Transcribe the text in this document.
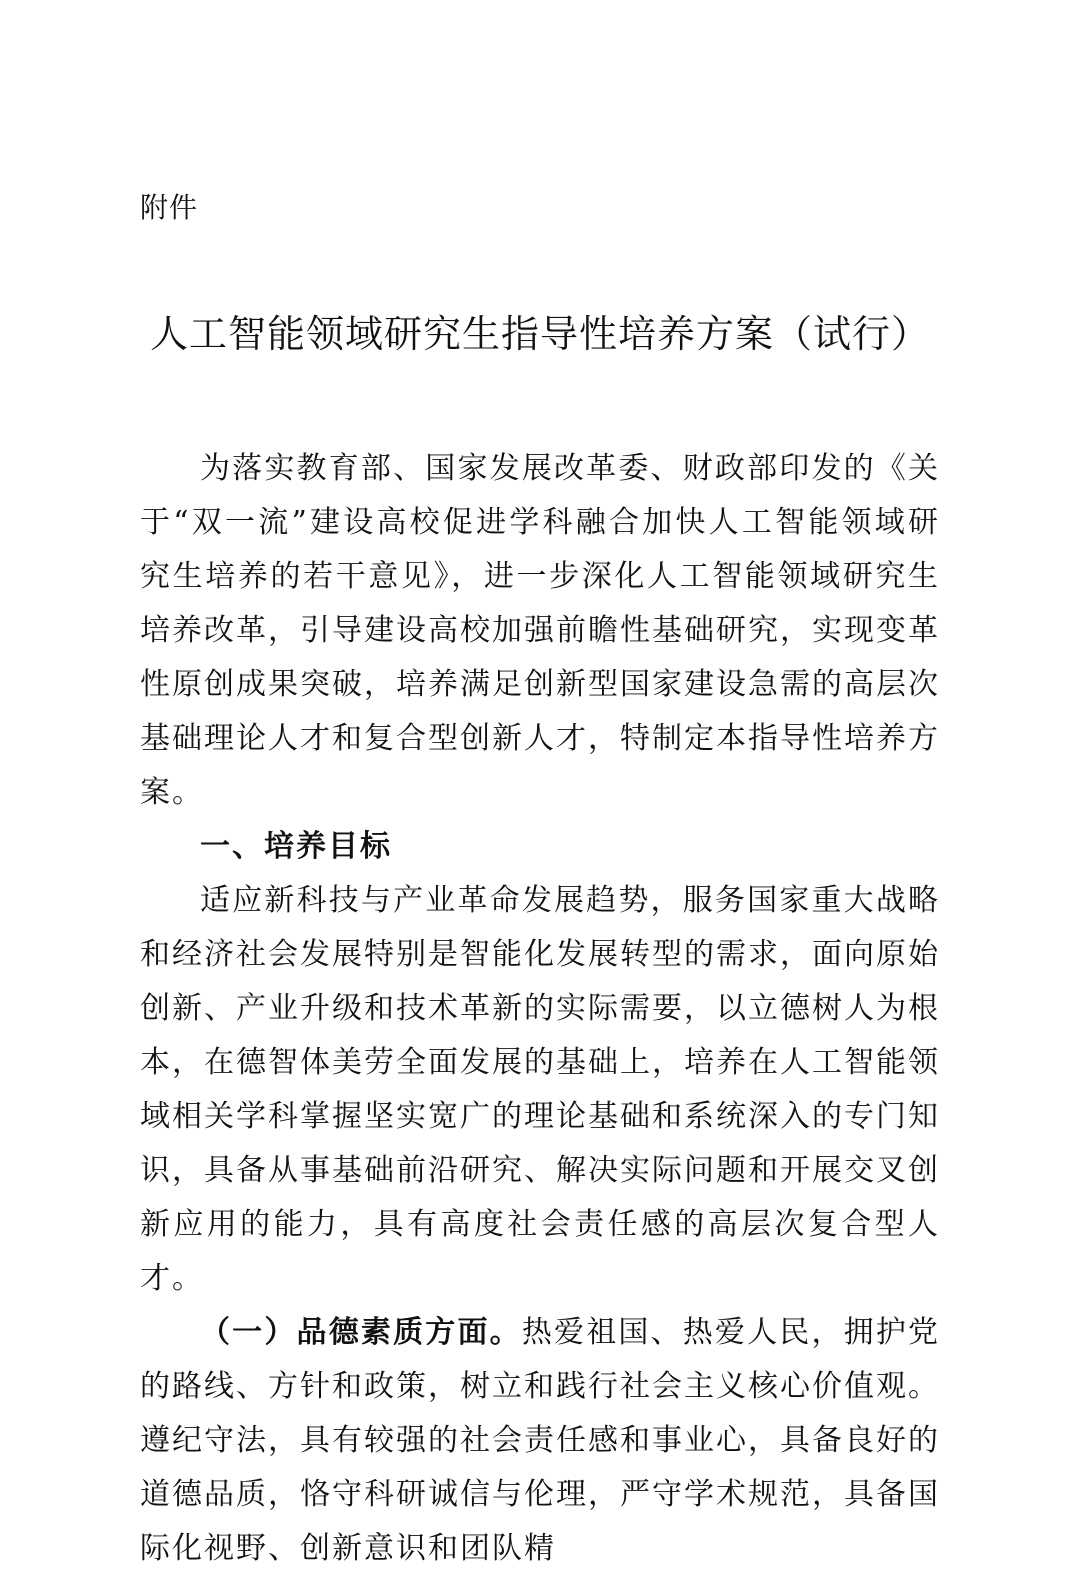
附件
人工智能领域研究生指导性培养方案（试行）

为落实教育部、国家发展改革委、财政部印发的《关于“双一流”建设高校促进学科融合加快人工智能领域研究生培养的若干意见》，进一步深化人工智能领域研究生培养改革，引导建设高校加强前瞻性基础研究，实现变革性原创成果突破，培养满足创新型国家建设急需的高层次基础理论人才和复合型创新人才，特制定本指导性培养方案。

一、培养目标

适应新科技与产业革命发展趋势，服务国家重大战略和经济社会发展特别是智能化发展转型的需求，面向原始创新、产业升级和技术革新的实际需要，以立德树人为根本，在德智体美劳全面发展的基础上，培养在人工智能领域相关学科掌握坚实宽广的理论基础和系统深入的专门知识，具备从事基础前沿研究、解决实际问题和开展交叉创新应用的能力，具有高度社会责任感的高层次复合型人才。

（一）品德素质方面。热爱祖国、热爱人民，拥护党的路线、方针和政策，树立和践行社会主义核心价值观。遵纪守法，具有较强的社会责任感和事业心，具备良好的道德品质，恪守科研诚信与伦理，严守学术规范，具备国际化视野、创新意识和团队精
